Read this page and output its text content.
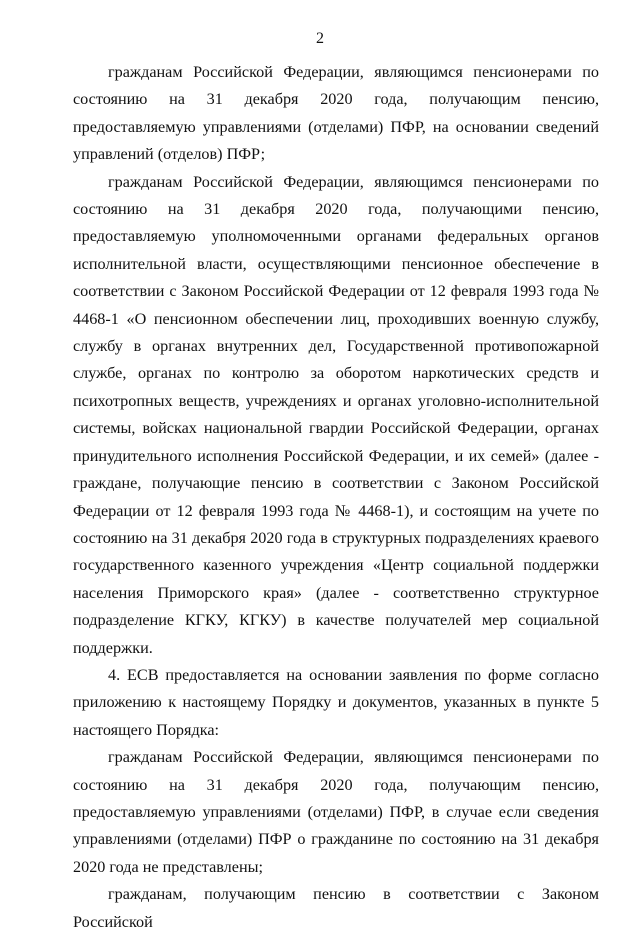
2

гражданам Российской Федерации, являющимся пенсионерами по состоянию на 31 декабря 2020 года, получающим пенсию, предоставляемую управлениями (отделами) ПФР, на основании сведений управлений (отделов) ПФР;

гражданам Российской Федерации, являющимся пенсионерами по состоянию на 31 декабря 2020 года, получающими пенсию, предоставляемую уполномоченными органами федеральных органов исполнительной власти, осуществляющими пенсионное обеспечение в соответствии с Законом Российской Федерации от 12 февраля 1993 года № 4468-1 «О пенсионном обеспечении лиц, проходивших военную службу, службу в органах внутренних дел, Государственной противопожарной службе, органах по контролю за оборотом наркотических средств и психотропных веществ, учреждениях и органах уголовно-исполнительной системы, войсках национальной гвардии Российской Федерации, органах принудительного исполнения Российской Федерации, и их семей» (далее - граждане, получающие пенсию в соответствии с Законом Российской Федерации от 12 февраля 1993 года № 4468-1), и состоящим на учете по состоянию на 31 декабря 2020 года в структурных подразделениях краевого государственного казенного учреждения «Центр социальной поддержки населения Приморского края» (далее - соответственно структурное подразделение КГКУ, КГКУ) в качестве получателей мер социальной поддержки.

4. ЕСВ предоставляется на основании заявления по форме согласно приложению к настоящему Порядку и документов, указанных в пункте 5 настоящего Порядка:

гражданам Российской Федерации, являющимся пенсионерами по состоянию на 31 декабря 2020 года, получающим пенсию, предоставляемую управлениями (отделами) ПФР, в случае если сведения управлениями (отделами) ПФР о гражданине по состоянию на 31 декабря 2020 года не представлены;

гражданам, получающим пенсию в соответствии с Законом Российской
